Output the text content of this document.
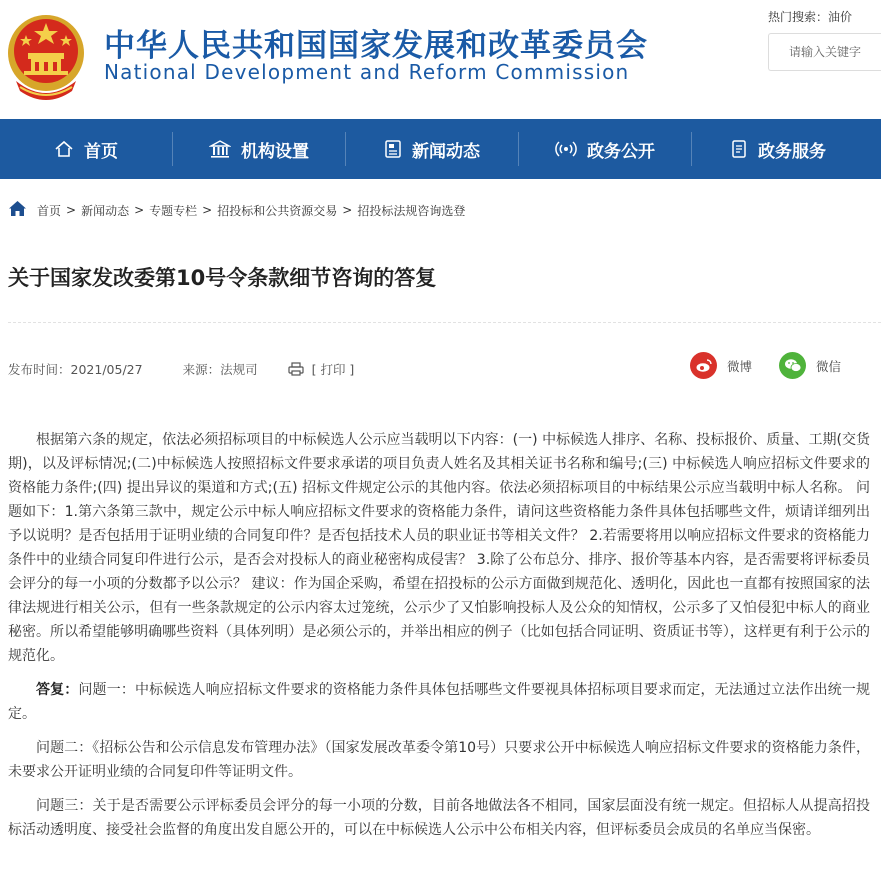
中华人民共和国国家发展和改革委员会
National Development and Reform Commission
热门搜索：油价
请输入关键字
首页	机构设置	新闻动态	政务公开	政务服务
首页 > 新闻动态 > 专题专栏 > 招投标和公共资源交易 > 招投标法规咨询选登
关于国家发改委第10号令条款细节咨询的答复
发布时间：2021/05/27	来源：法规司	[ 打印 ]	微博	微信

根据第六条的规定，依法必须招标项目的中标候选人公示应当载明以下内容：(一) 中标候选人排序、名称、投标报价、质量、工期(交货期)，以及评标情况;(二)中标候选人按照招标文件要求承诺的项目负责人姓名及其相关证书名称和编号;(三) 中标候选人响应招标文件要求的资格能力条件;(四) 提出异议的渠道和方式;(五) 招标文件规定公示的其他内容。依法必须招标项目的中标结果公示应当载明中标人名称。 问题如下：1.第六条第三款中，规定公示中标人响应招标文件要求的资格能力条件，请问这些资格能力条件具体包括哪些文件，烦请详细列出予以说明？是否包括用于证明业绩的合同复印件？是否包括技术人员的职业证书等相关文件？ 2.若需要将用以响应招标文件要求的资格能力条件中的业绩合同复印件进行公示，是否会对投标人的商业秘密构成侵害？ 3.除了公布总分、排序、报价等基本内容，是否需要将评标委员会评分的每一小项的分数都予以公示？ 建议：作为国企采购，希望在招投标的公示方面做到规范化、透明化，因此也一直都有按照国家的法律法规进行相关公示，但有一些条款规定的公示内容太过笼统，公示少了又怕影响投标人及公众的知情权，公示多了又怕侵犯中标人的商业秘密。所以希望能够明确哪些资料（具体列明）是必须公示的，并举出相应的例子（比如包括合同证明、资质证书等），这样更有利于公示的规范化。

答复：问题一：中标候选人响应招标文件要求的资格能力条件具体包括哪些文件要视具体招标项目要求而定，无法通过立法作出统一规定。

问题二：《招标公告和公示信息发布管理办法》（国家发展改革委令第10号）只要求公开中标候选人响应招标文件要求的资格能力条件，未要求公开证明业绩的合同复印件等证明文件。

问题三：关于是否需要公示评标委员会评分的每一小项的分数，目前各地做法各不相同，国家层面没有统一规定。但招标人从提高招投标活动透明度、接受社会监督的角度出发自愿公开的，可以在中标候选人公示中公布相关内容，但评标委员会成员的名单应当保密。
